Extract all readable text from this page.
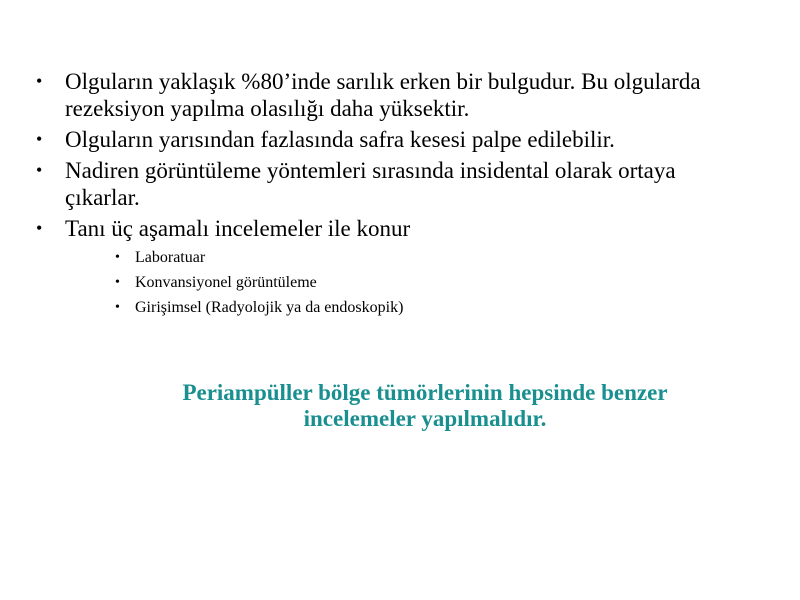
• Olguların yaklaşık %80’inde sarılık erken bir bulgudur. Bu olgularda rezeksiyon yapılma olasılığı daha yüksektir.
• Olguların yarısından fazlasında safra kesesi palpe edilebilir.
• Nadiren görüntüleme yöntemleri sırasında insidental olarak ortaya çıkarlar.
• Tanı üç aşamalı incelemeler ile konur
• Laboratuar
• Konvansiyonel görüntüleme
• Girişimsel (Radyolojik ya da endoskopik)
Periampüller bölge tümörlerinin hepsinde benzer
incelemeler yapılmalıdır.
